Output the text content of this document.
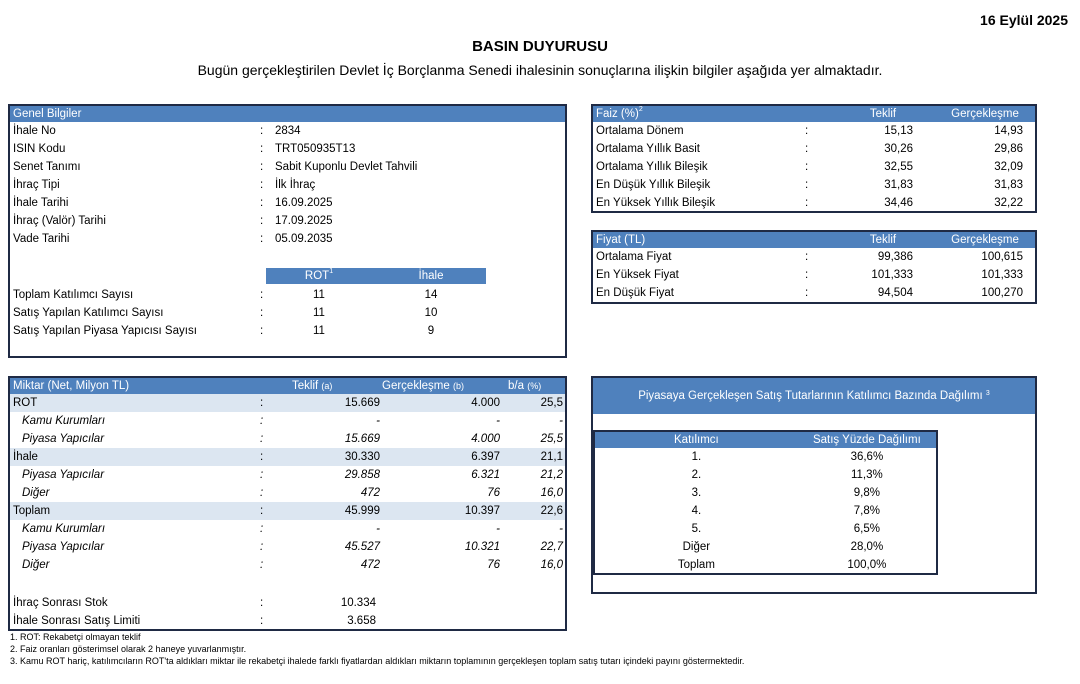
16 Eylül 2025
BASIN DUYURUSU
Bugün gerçekleştirilen Devlet İç Borçlanma Senedi ihalesinin sonuçlarına ilişkin bilgiler aşağıda yer almaktadır.
Genel Bilgiler
İhale No	: 2834
ISIN Kodu	: TRT050935T13
Senet Tanımı	: Sabit Kuponlu Devlet Tahvili
İhraç Tipi	: İlk İhraç
İhale Tarihi	: 16.09.2025
İhraç (Valör) Tarihi	: 17.09.2025
Vade Tarihi	: 05.09.2035
ROT$^1$	İhale
Toplam Katılımcı Sayısı	:	11	14
Satış Yapılan Katılımcı Sayısı	:	11	10
Satış Yapılan Piyasa Yapıcısı Sayısı	:	11	9
Faiz (%)$^2$	Teklif	Gerçekleşme
Ortalama Dönem	:	15,13	14,93
Ortalama Yıllık Basit	:	30,26	29,86
Ortalama Yıllık Bileşik	:	32,55	32,09
En Düşük Yıllık Bileşik	:	31,83	31,83
En Yüksek Yıllık Bileşik	:	34,46	32,22
Fiyat (TL)	Teklif	Gerçekleşme
Ortalama Fiyat	:	99,386	100,615
En Yüksek Fiyat	:	101,333	101,333
En Düşük Fiyat	:	94,504	100,270
Miktar (Net, Milyon TL)	Teklif (a)	Gerçekleşme (b)	b/a (%)
ROT	:	15.669	4.000	25,5
Kamu Kurumları	:	-	-	-
Piyasa Yapıcılar	:	15.669	4.000	25,5
İhale	:	30.330	6.397	21,1
Piyasa Yapıcılar	:	29.858	6.321	21,2
Diğer	:	472	76	16,0
Toplam	:	45.999	10.397	22,6
Kamu Kurumları	:	-	-	-
Piyasa Yapıcılar	:	45.527	10.321	22,7
Diğer	:	472	76	16,0
İhraç Sonrası Stok	:	10.334
İhale Sonrası Satış Limiti	:	3.658
Piyasaya Gerçekleşen Satış Tutarlarının Katılımcı Bazında Dağılımı $^3$
Katılımcı	Satış Yüzde Dağılımı
1.	36,6%
2.	11,3%
3.	9,8%
4.	7,8%
5.	6,5%
Diğer	28,0%
Toplam	100,0%
1. ROT: Rekabetçi olmayan teklif
2. Faiz oranları gösterimsel olarak 2 haneye yuvarlanmıştır.
3. Kamu ROT hariç, katılımcıların ROT'ta aldıkları miktar ile rekabetçi ihalede farklı fiyatlardan aldıkları miktarın toplamının gerçekleşen toplam satış tutarı içindeki payını göstermektedir.
